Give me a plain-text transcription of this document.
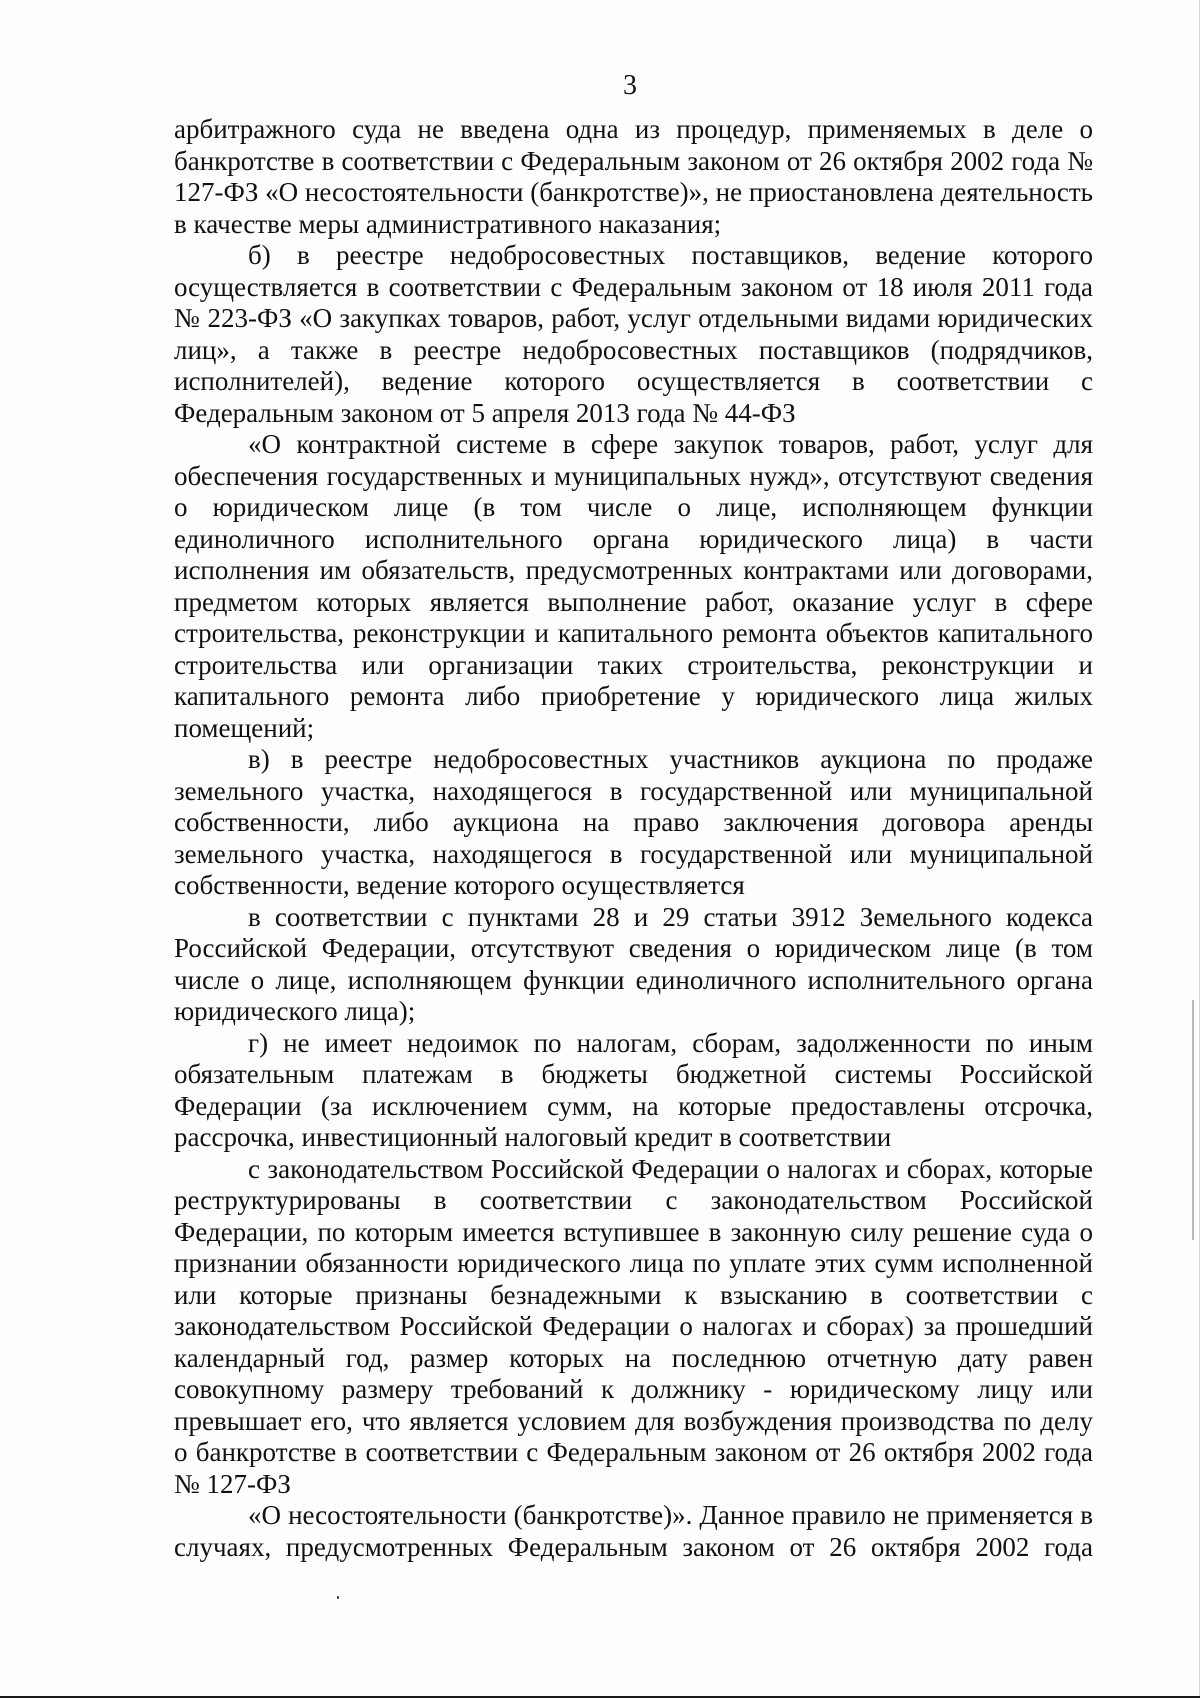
3

арбитражного суда не введена одна из процедур, применяемых в деле о банкротстве в соответствии с Федеральным законом от 26 октября 2002 года № 127-ФЗ «О несостоятельности (банкротстве)», не приостановлена деятельность в качестве меры административного наказания;

б) в реестре недобросовестных поставщиков, ведение которого осуществляется в соответствии с Федеральным законом от 18 июля 2011 года № 223-ФЗ «О закупках товаров, работ, услуг отдельными видами юридических лиц», а также в реестре недобросовестных поставщиков (подрядчиков, исполнителей), ведение которого осуществляется в соответствии с Федеральным законом от 5 апреля 2013 года № 44-ФЗ

«О контрактной системе в сфере закупок товаров, работ, услуг для обеспечения государственных и муниципальных нужд», отсутствуют сведения о юридическом лице (в том числе о лице, исполняющем функции единоличного исполнительного органа юридического лица) в части исполнения им обязательств, предусмотренных контрактами или договорами, предметом которых является выполнение работ, оказание услуг в сфере строительства, реконструкции и капитального ремонта объектов капитального строительства или организации таких строительства, реконструкции и капитального ремонта либо приобретение у юридического лица жилых помещений;

в) в реестре недобросовестных участников аукциона по продаже земельного участка, находящегося в государственной или муниципальной собственности, либо аукциона на право заключения договора аренды земельного участка, находящегося в государственной или муниципальной собственности, ведение которого осуществляется

в соответствии с пунктами 28 и 29 статьи 3912 Земельного кодекса Российской Федерации, отсутствуют сведения о юридическом лице (в том числе о лице, исполняющем функции единоличного исполнительного органа юридического лица);

г) не имеет недоимок по налогам, сборам, задолженности по иным обязательным платежам в бюджеты бюджетной системы Российской Федерации (за исключением сумм, на которые предоставлены отсрочка, рассрочка, инвестиционный налоговый кредит в соответствии

с законодательством Российской Федерации о налогах и сборах, которые реструктурированы в соответствии с законодательством Российской Федерации, по которым имеется вступившее в законную силу решение суда о признании обязанности юридического лица по уплате этих сумм исполненной или которые признаны безнадежными к взысканию в соответствии с законодательством Российской Федерации о налогах и сборах) за прошедший календарный год, размер которых на последнюю отчетную дату равен совокупному размеру требований к должнику - юридическому лицу или превышает его, что является условием для возбуждения производства по делу о банкротстве в соответствии с Федеральным законом от 26 октября 2002 года № 127-ФЗ

«О несостоятельности (банкротстве)». Данное правило не применяется в случаях, предусмотренных Федеральным законом от 26 октября 2002 года
